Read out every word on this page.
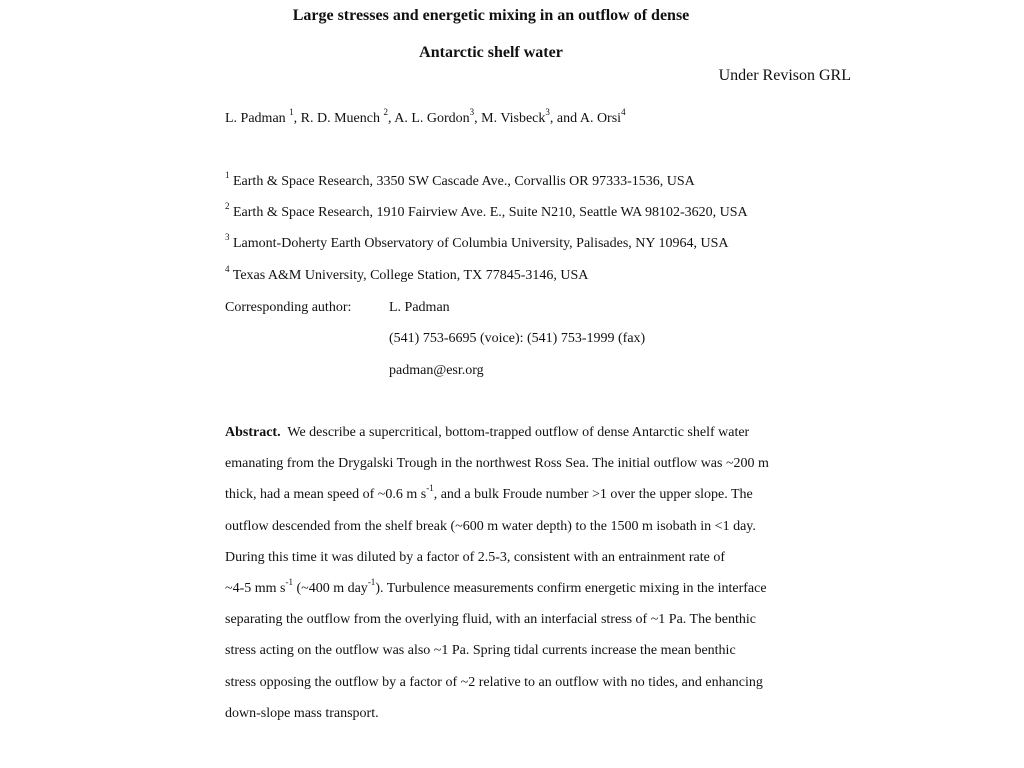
Large stresses and energetic mixing in an outflow of dense
Antarctic shelf water
Under Revison GRL
L. Padman $^1$, R. D. Muench $^2$, A. L. Gordon$^3$, M. Visbeck$^3$, and A. Orsi$^4$
$^1$ Earth & Space Research, 3350 SW Cascade Ave., Corvallis OR 97333-1536, USA
$^2$ Earth & Space Research, 1910 Fairview Ave. E., Suite N210, Seattle WA 98102-3620, USA
$^3$ Lamont-Doherty Earth Observatory of Columbia University, Palisades, NY 10964, USA
$^4$ Texas A&M University, College Station, TX 77845-3146, USA
Corresponding author:	L. Padman
(541) 753-6695 (voice): (541) 753-1999 (fax)
padman@esr.org
Abstract. We describe a supercritical, bottom-trapped outflow of dense Antarctic shelf water
emanating from the Drygalski Trough in the northwest Ross Sea. The initial outflow was ~200 m
thick, had a mean speed of ~0.6 m $s^{-1}$, and a bulk Froude number >1 over the upper slope. The
outflow descended from the shelf break (~600 m water depth) to the 1500 m isobath in <1 day.
During this time it was diluted by a factor of 2.5-3, consistent with an entrainment rate of
~4-5 mm $s^{-1}$ (~400 m day$^{-1}$). Turbulence measurements confirm energetic mixing in the interface
separating the outflow from the overlying fluid, with an interfacial stress of ~1 Pa. The benthic
stress acting on the outflow was also ~1 Pa. Spring tidal currents increase the mean benthic
stress opposing the outflow by a factor of ~2 relative to an outflow with no tides, and enhancing
down-slope mass transport.
